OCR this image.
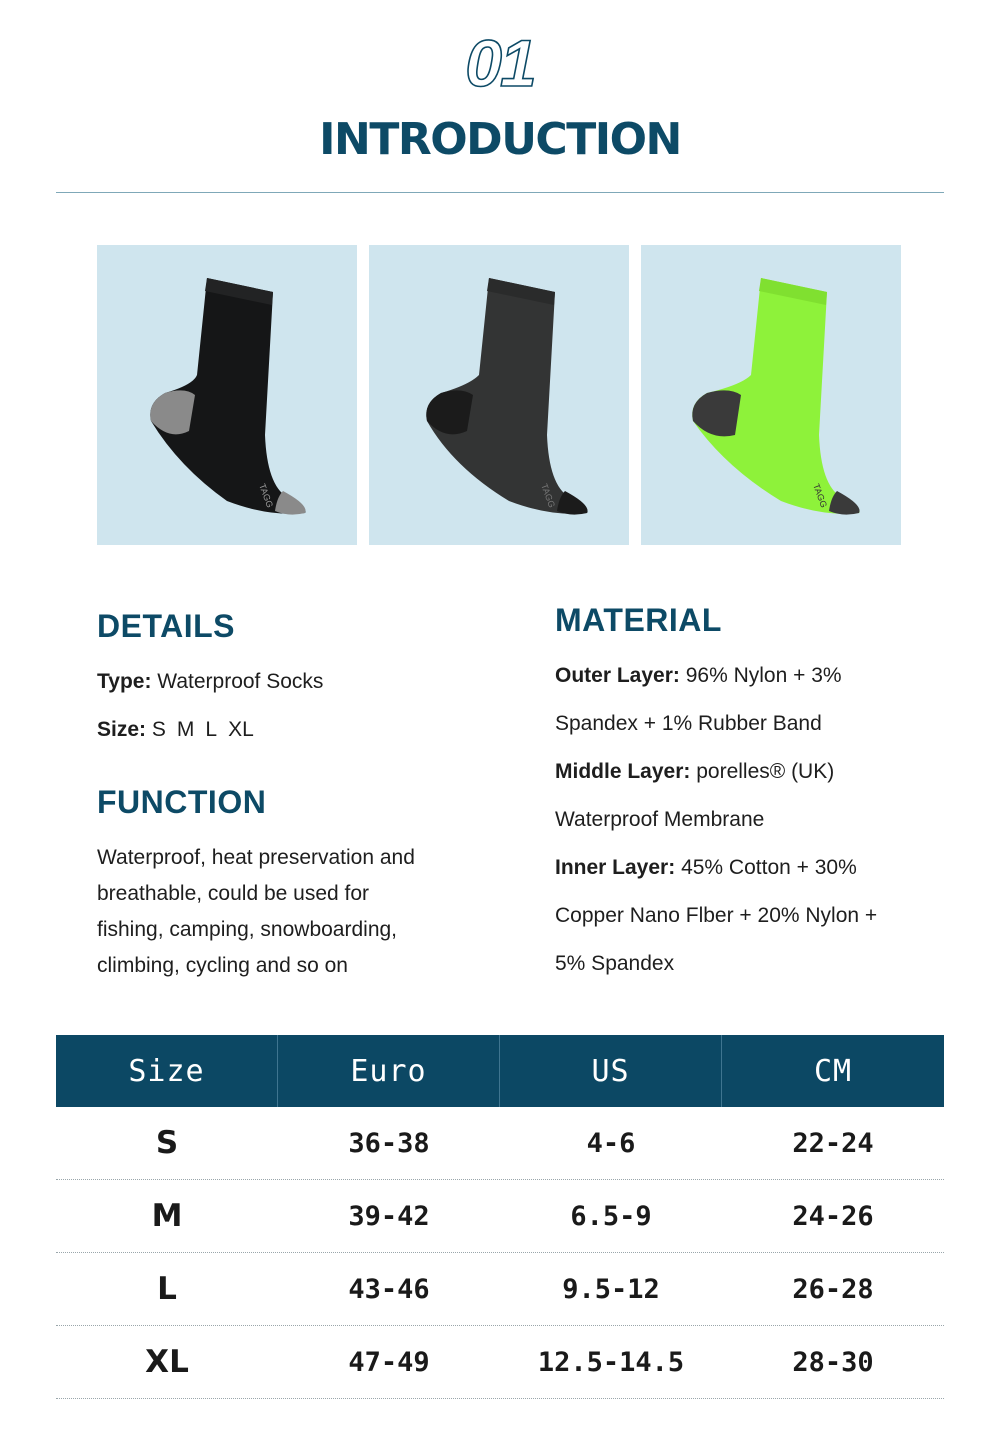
01
INTRODUCTION
TAGG	TAGG	TAGG
DETAILS
Type: Waterproof Socks
Size: S M L XL
FUNCTION
Waterproof, heat preservation and
breathable, could be used for
fishing, camping, snowboarding,
climbing, cycling and so on
MATERIAL
Outer Layer: 96% Nylon + 3%
Spandex + 1% Rubber Band
Middle Layer: porelles® (UK)
Waterproof Membrane
Inner Layer: 45% Cotton + 30%
Copper Nano Flber + 20% Nylon +
5% Spandex
Size	Euro	US	CM
S	36-38	4-6	22-24
M	39-42	6.5-9	24-26
L	43-46	9.5-12	26-28
XL	47-49	12.5-14.5	28-30
